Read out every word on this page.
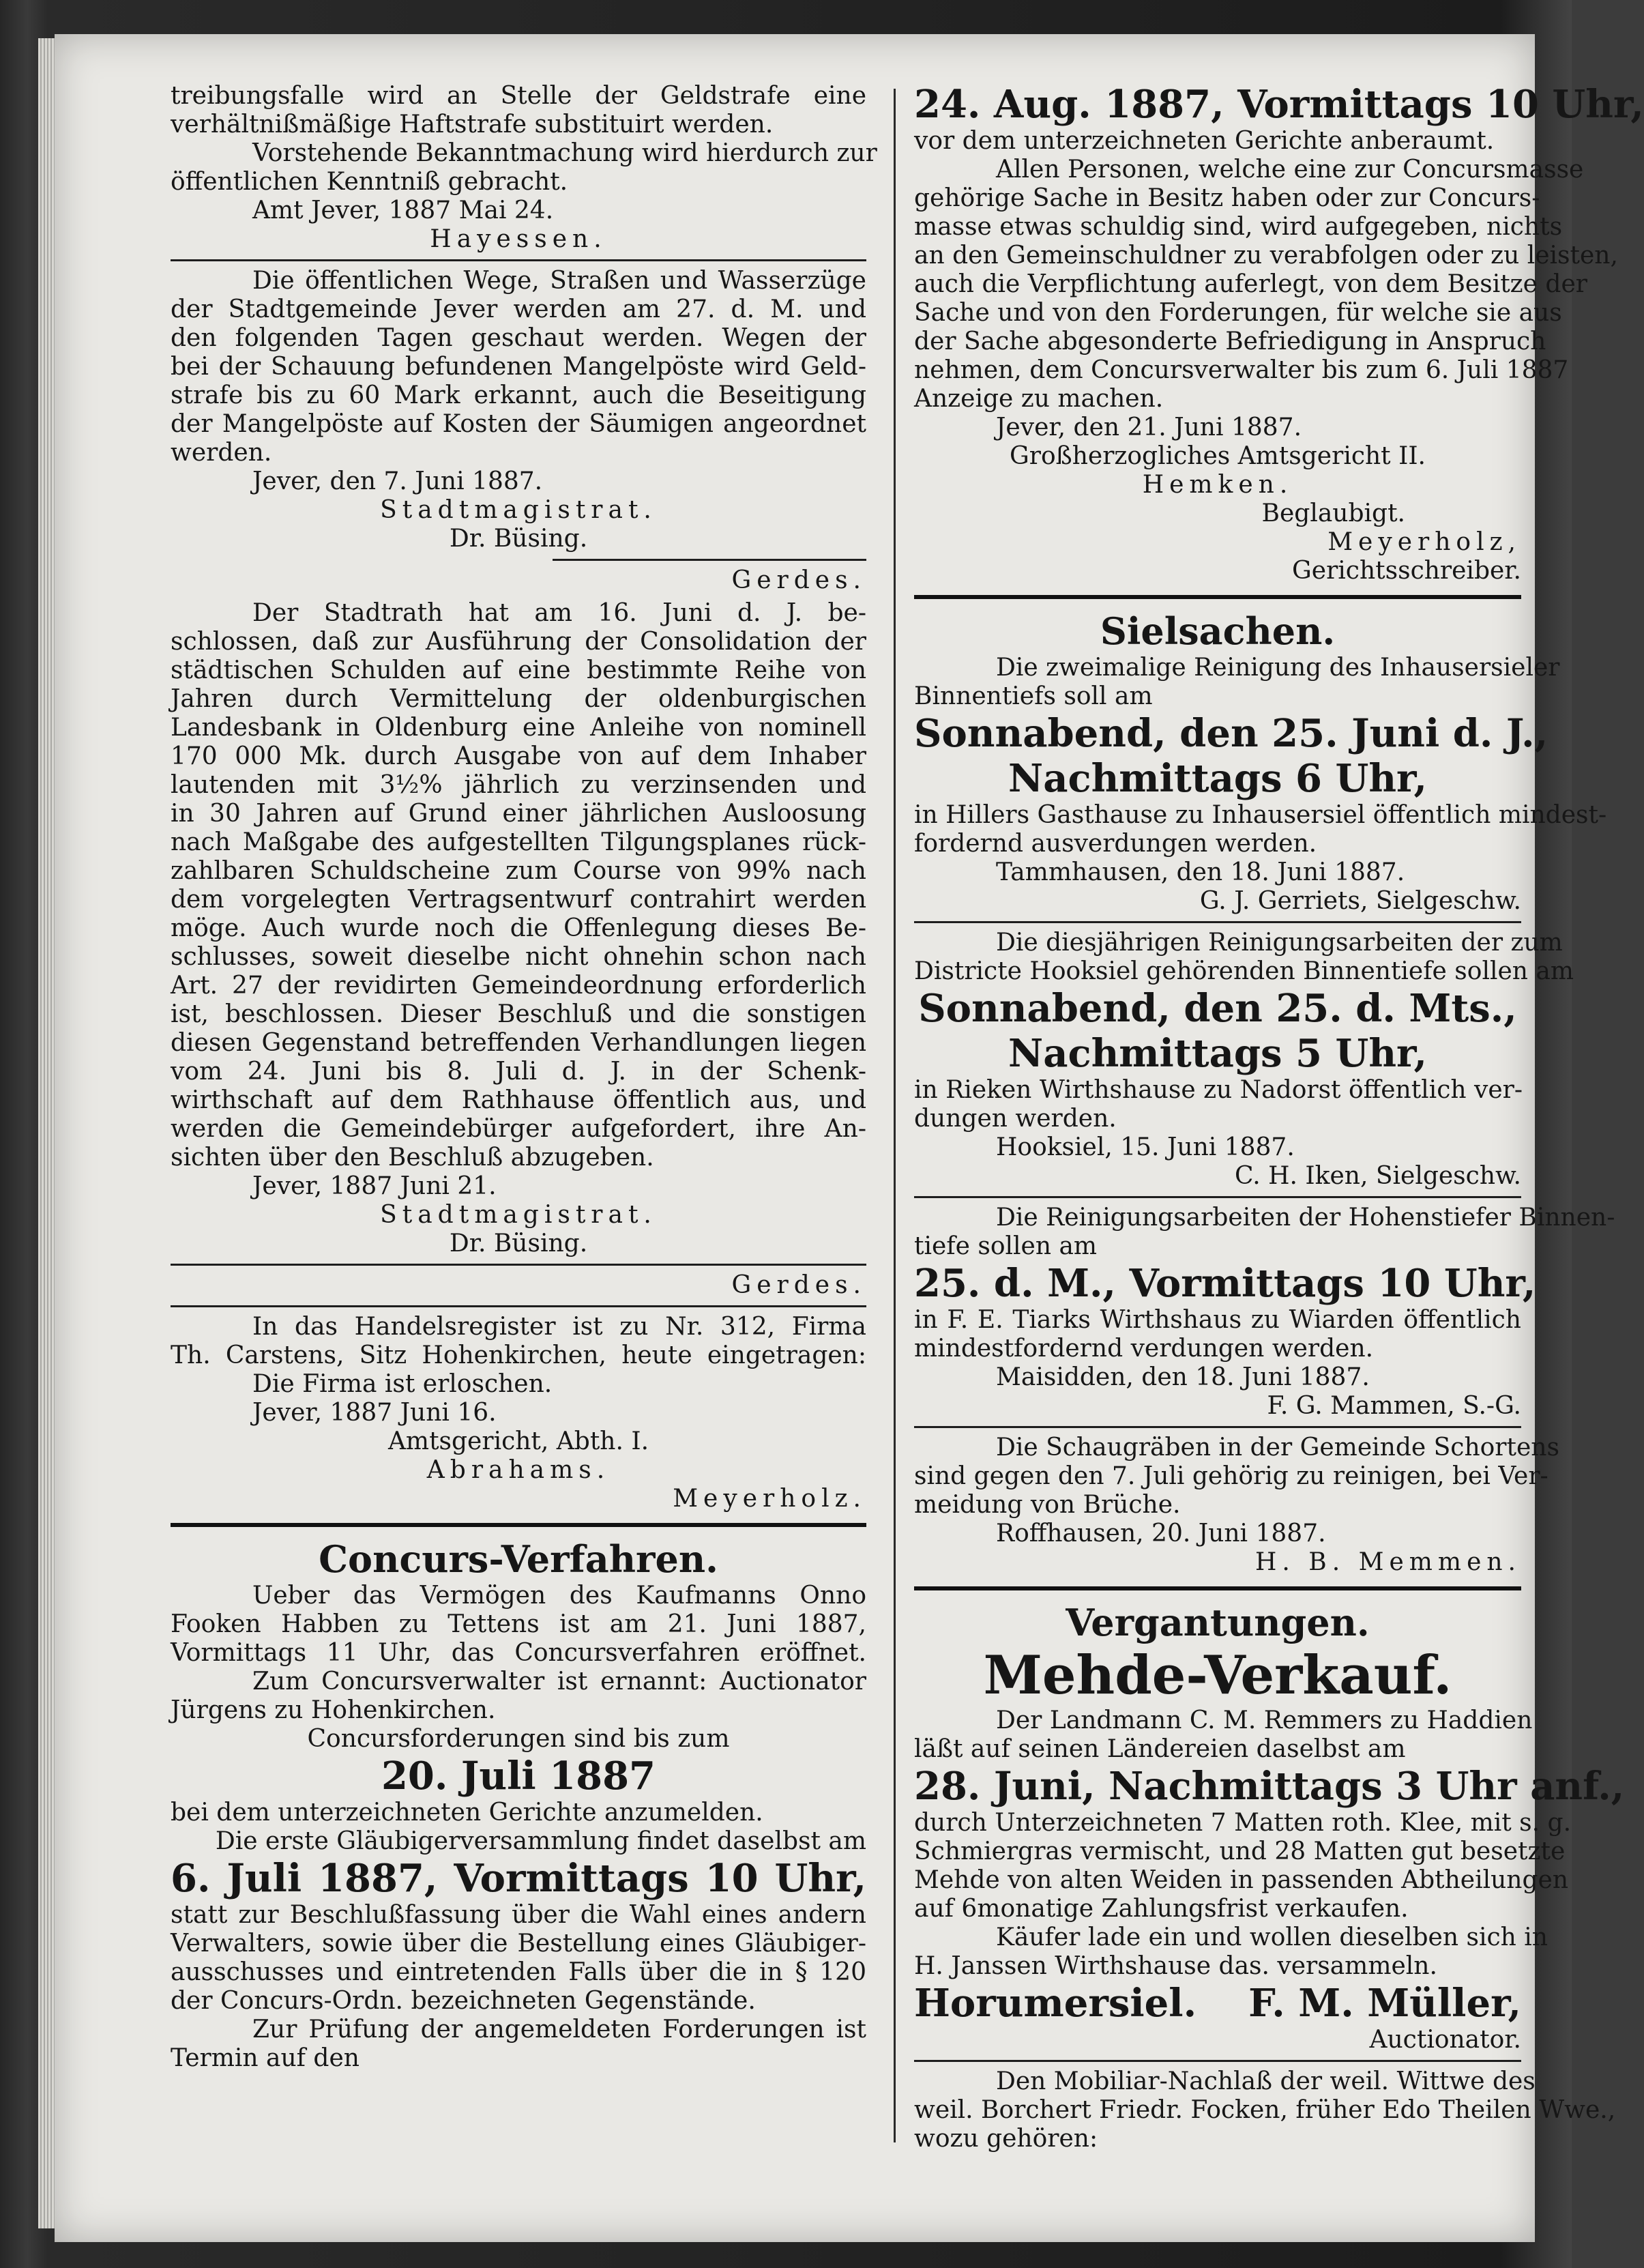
treibungsfalle wird an Stelle der Geldstrafe eine
verhältnißmäßige Haftstrafe substituirt werden.
Vorstehende Bekanntmachung wird hierdurch zur
öffentlichen Kenntniß gebracht.
Amt Jever, 1887 Mai 24.
Hayessen.
Die öffentlichen Wege, Straßen und Wasserzüge
der Stadtgemeinde Jever werden am 27. d. M. und
den folgenden Tagen geschaut werden. Wegen der
bei der Schauung befundenen Mangelpöste wird Geld-
strafe bis zu 60 Mark erkannt, auch die Beseitigung
der Mangelpöste auf Kosten der Säumigen angeordnet
werden.
Jever, den 7. Juni 1887.
Stadtmagistrat.
Dr. Büsing.
Gerdes.
Der Stadtrath hat am 16. Juni d. J. be-
schlossen, daß zur Ausführung der Consolidation der
städtischen Schulden auf eine bestimmte Reihe von
Jahren durch Vermittelung der oldenburgischen
Landesbank in Oldenburg eine Anleihe von nominell
170 000 Mk. durch Ausgabe von auf dem Inhaber
lautenden mit 3½% jährlich zu verzinsenden und
in 30 Jahren auf Grund einer jährlichen Ausloosung
nach Maßgabe des aufgestellten Tilgungsplanes rück-
zahlbaren Schuldscheine zum Course von 99% nach
dem vorgelegten Vertragsentwurf contrahirt werden
möge. Auch wurde noch die Offenlegung dieses Be-
schlusses, soweit dieselbe nicht ohnehin schon nach
Art. 27 der revidirten Gemeindeordnung erforderlich
ist, beschlossen. Dieser Beschluß und die sonstigen
diesen Gegenstand betreffenden Verhandlungen liegen
vom 24. Juni bis 8. Juli d. J. in der Schenk-
wirthschaft auf dem Rathhause öffentlich aus, und
werden die Gemeindebürger aufgefordert, ihre An-
sichten über den Beschluß abzugeben.
Jever, 1887 Juni 21.
Stadtmagistrat.
Dr. Büsing.
Gerdes.
In das Handelsregister ist zu Nr. 312, Firma
Th. Carstens, Sitz Hohenkirchen, heute eingetragen:
Die Firma ist erloschen.
Jever, 1887 Juni 16.
Amtsgericht, Abth. I.
Abrahams.
Meyerholz.
Concurs-Verfahren.
Ueber das Vermögen des Kaufmanns Onno
Fooken Habben zu Tettens ist am 21. Juni 1887,
Vormittags 11 Uhr, das Concursverfahren eröffnet.
Zum Concursverwalter ist ernannt: Auctionator
Jürgens zu Hohenkirchen.
Concursforderungen sind bis zum
20. Juli 1887
bei dem unterzeichneten Gerichte anzumelden.
Die erste Gläubigerversammlung findet daselbst am
6. Juli 1887, Vormittags 10 Uhr,
statt zur Beschlußfassung über die Wahl eines andern
Verwalters, sowie über die Bestellung eines Gläubiger-
ausschusses und eintretenden Falls über die in § 120
der Concurs-Ordn. bezeichneten Gegenstände.
Zur Prüfung der angemeldeten Forderungen ist
Termin auf den
24. Aug. 1887, Vormittags 10 Uhr,
vor dem unterzeichneten Gerichte anberaumt.
Allen Personen, welche eine zur Concursmasse
gehörige Sache in Besitz haben oder zur Concurs-
masse etwas schuldig sind, wird aufgegeben, nichts
an den Gemeinschuldner zu verabfolgen oder zu leisten,
auch die Verpflichtung auferlegt, von dem Besitze der
Sache und von den Forderungen, für welche sie aus
der Sache abgesonderte Befriedigung in Anspruch
nehmen, dem Concursverwalter bis zum 6. Juli 1887
Anzeige zu machen.
Jever, den 21. Juni 1887.
Großherzogliches Amtsgericht II.
Hemken.
Beglaubigt.
Meyerholz,
Gerichtsschreiber.
Sielsachen.
Die zweimalige Reinigung des Inhausersieler
Binnentiefs soll am
Sonnabend, den 25. Juni d. J.,
Nachmittags 6 Uhr,
in Hillers Gasthause zu Inhausersiel öffentlich mindest-
fordernd ausverdungen werden.
Tammhausen, den 18. Juni 1887.
G. J. Gerriets, Sielgeschw.
Die diesjährigen Reinigungsarbeiten der zum
Districte Hooksiel gehörenden Binnentiefe sollen am
Sonnabend, den 25. d. Mts.,
Nachmittags 5 Uhr,
in Rieken Wirthshause zu Nadorst öffentlich ver-
dungen werden.
Hooksiel, 15. Juni 1887.
C. H. Iken, Sielgeschw.
Die Reinigungsarbeiten der Hohenstiefer Binnen-
tiefe sollen am
25. d. M., Vormittags 10 Uhr,
in F. E. Tiarks Wirthshaus zu Wiarden öffentlich
mindestfordernd verdungen werden.
Maisidden, den 18. Juni 1887.
F. G. Mammen, S.-G.
Die Schaugräben in der Gemeinde Schortens
sind gegen den 7. Juli gehörig zu reinigen, bei Ver-
meidung von Brüche.
Roffhausen, 20. Juni 1887.
H. B. Memmen.
Vergantungen.
Mehde-Verkauf.
Der Landmann C. M. Remmers zu Haddien
läßt auf seinen Ländereien daselbst am
28. Juni, Nachmittags 3 Uhr anf.,
durch Unterzeichneten 7 Matten roth. Klee, mit s. g.
Schmiergras vermischt, und 28 Matten gut besetzte
Mehde von alten Weiden in passenden Abtheilungen
auf 6monatige Zahlungsfrist verkaufen.
Käufer lade ein und wollen dieselben sich in
H. Janssen Wirthshause das. versammeln.
Horumersiel. F. M. Müller,
Auctionator.
Den Mobiliar-Nachlaß der weil. Wittwe des
weil. Borchert Friedr. Focken, früher Edo Theilen Wwe.,
wozu gehören:
